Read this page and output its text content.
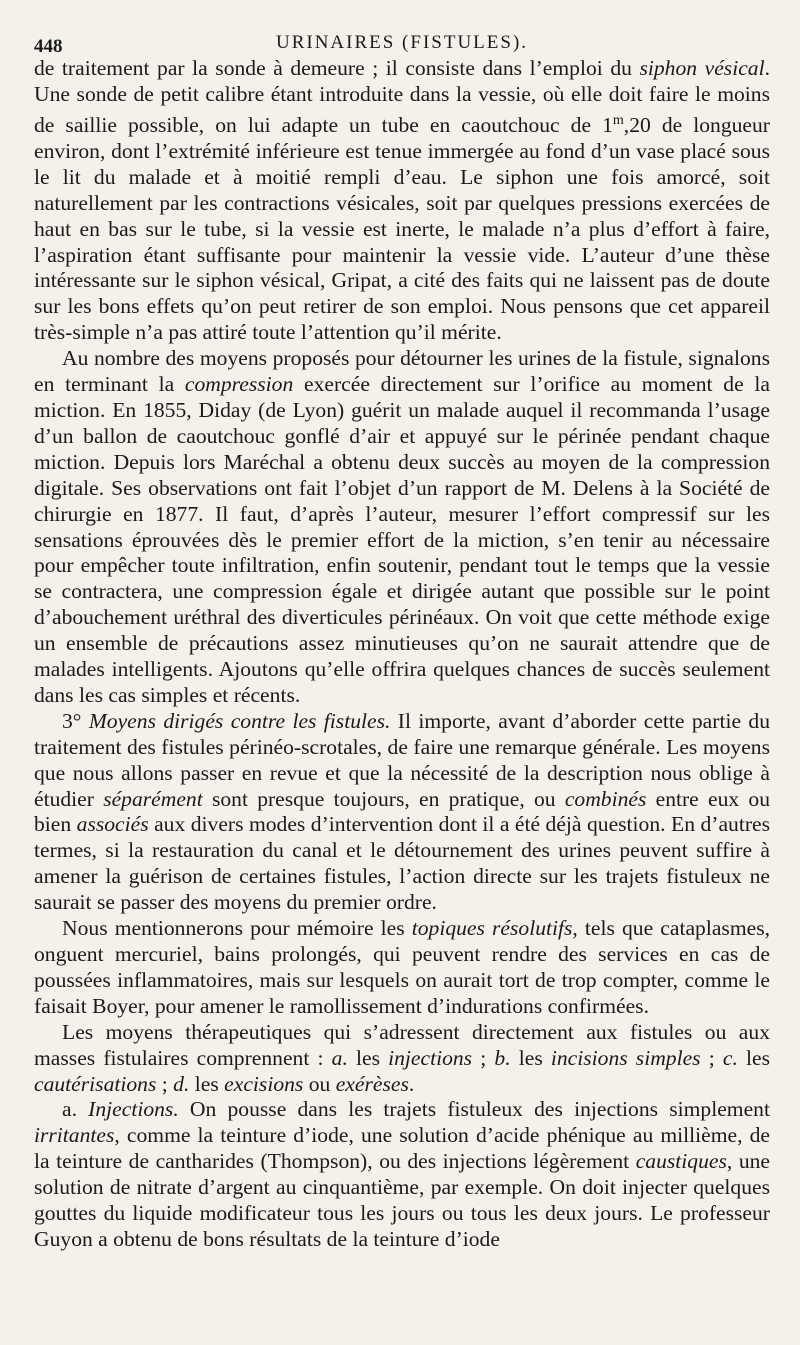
448	URINAIRES (FISTULES).

de traitement par la sonde à demeure ; il consiste dans l’emploi du siphon vésical. Une sonde de petit calibre étant introduite dans la vessie, où elle doit faire le moins de saillie possible, on lui adapte un tube en caoutchouc de 1$^m$,20 de longueur environ, dont l’extrémité inférieure est tenue immergée au fond d’un vase placé sous le lit du malade et à moitié rempli d’eau. Le siphon une fois amorcé, soit naturellement par les contractions vésicales, soit par quelques pressions exercées de haut en bas sur le tube, si la vessie est inerte, le malade n’a plus d’effort à faire, l’aspiration étant suffisante pour maintenir la vessie vide. L’auteur d’une thèse intéressante sur le siphon vésical, Gripat, a cité des faits qui ne laissent pas de doute sur les bons effets qu’on peut retirer de son emploi. Nous pensons que cet appareil très-simple n’a pas attiré toute l’attention qu’il mérite.

Au nombre des moyens proposés pour détourner les urines de la fistule, signalons en terminant la compression exercée directement sur l’orifice au moment de la miction. En 1855, Diday (de Lyon) guérit un malade auquel il recommanda l’usage d’un ballon de caoutchouc gonflé d’air et appuyé sur le périnée pendant chaque miction. Depuis lors Maréchal a obtenu deux succès au moyen de la compression digitale. Ses observations ont fait l’objet d’un rapport de M. Delens à la Société de chirurgie en 1877. Il faut, d’après l’auteur, mesurer l’effort compressif sur les sensations éprouvées dès le premier effort de la miction, s’en tenir au nécessaire pour empêcher toute infiltration, enfin soutenir, pendant tout le temps que la vessie se contractera, une compression égale et dirigée autant que possible sur le point d’abouchement uréthral des diverticules périnéaux. On voit que cette méthode exige un ensemble de précautions assez minutieuses qu’on ne saurait attendre que de malades intelligents. Ajoutons qu’elle offrira quelques chances de succès seulement dans les cas simples et récents.

3° Moyens dirigés contre les fistules. Il importe, avant d’aborder cette partie du traitement des fistules périnéo-scrotales, de faire une remarque générale. Les moyens que nous allons passer en revue et que la nécessité de la description nous oblige à étudier séparément sont presque toujours, en pratique, ou combinés entre eux ou bien associés aux divers modes d’intervention dont il a été déjà question. En d’autres termes, si la restauration du canal et le détournement des urines peuvent suffire à amener la guérison de certaines fistules, l’action directe sur les trajets fistuleux ne saurait se passer des moyens du premier ordre.

Nous mentionnerons pour mémoire les topiques résolutifs, tels que cataplasmes, onguent mercuriel, bains prolongés, qui peuvent rendre des services en cas de poussées inflammatoires, mais sur lesquels on aurait tort de trop compter, comme le faisait Boyer, pour amener le ramollissement d’indurations confirmées.

Les moyens thérapeutiques qui s’adressent directement aux fistules ou aux masses fistulaires comprennent : a. les injections ; b. les incisions simples ; c. les cautérisations ; d. les excisions ou exérèses.

a. Injections. On pousse dans les trajets fistuleux des injections simplement irritantes, comme la teinture d’iode, une solution d’acide phénique au millième, de la teinture de cantharides (Thompson), ou des injections légèrement caustiques, une solution de nitrate d’argent au cinquantième, par exemple. On doit injecter quelques gouttes du liquide modificateur tous les jours ou tous les deux jours. Le professeur Guyon a obtenu de bons résultats de la teinture d’iode
